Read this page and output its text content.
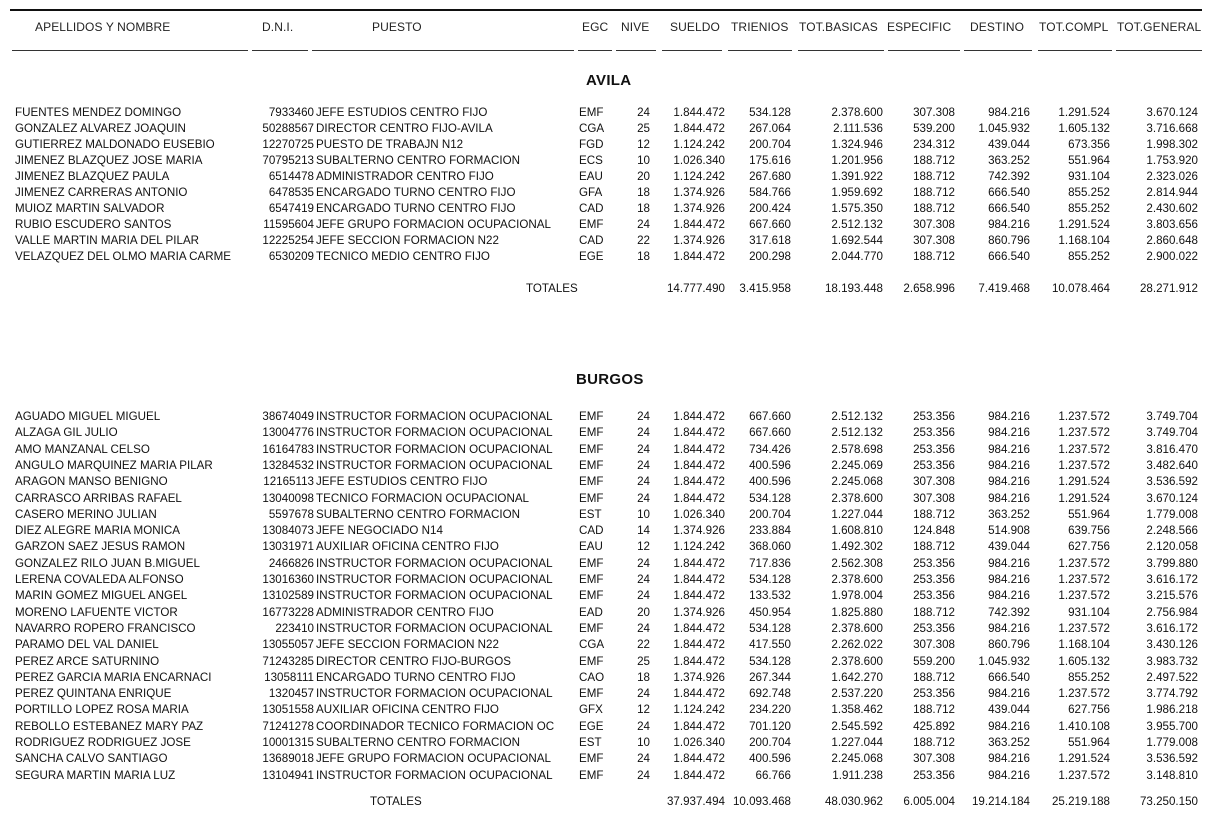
APELLIDOS Y NOMBRE	D.N.I.	PUESTO	EGC NIVE SUELDO TRIENIOS TOT.BASICAS ESPECIFIC DESTINO TOT.COMPL TOT.GENERAL
AVILA
FUENTES MENDEZ DOMINGO	7933460 JEFE ESTUDIOS CENTRO FIJO	EMF	24	1.844.472	534.128	2.378.600	307.308	984.216	1.291.524	3.670.124
GONZALEZ ALVAREZ JOAQUIN	50288567 DIRECTOR CENTRO FIJO-AVILA	CGA	25	1.844.472	267.064	2.111.536	539.200	1.045.932	1.605.132	3.716.668
GUTIERREZ MALDONADO EUSEBIO	12270725 PUESTO DE TRABAJN N12	FGD	12	1.124.242	200.704	1.324.946	234.312	439.044	673.356	1.998.302
JIMENEZ BLAZQUEZ JOSE MARIA	70795213 SUBALTERNO CENTRO FORMACION	ECS	10	1.026.340	175.616	1.201.956	188.712	363.252	551.964	1.753.920
JIMENEZ BLAZQUEZ PAULA	6514478 ADMINISTRADOR CENTRO FIJO	EAU	20	1.124.242	267.680	1.391.922	188.712	742.392	931.104	2.323.026
JIMENEZ CARRERAS ANTONIO	6478535 ENCARGADO TURNO CENTRO FIJO	GFA	18	1.374.926	584.766	1.959.692	188.712	666.540	855.252	2.814.944
MUIOZ MARTIN SALVADOR	6547419 ENCARGADO TURNO CENTRO FIJO	CAD	18	1.374.926	200.424	1.575.350	188.712	666.540	855.252	2.430.602
RUBIO ESCUDERO SANTOS	11595604 JEFE GRUPO FORMACION OCUPACIONAL	EMF	24	1.844.472	667.660	2.512.132	307.308	984.216	1.291.524	3.803.656
VALLE MARTIN MARIA DEL PILAR	12225254 JEFE SECCION FORMACION N22	CAD	22	1.374.926	317.618	1.692.544	307.308	860.796	1.168.104	2.860.648
VELAZQUEZ DEL OLMO MARIA CARME	6530209 TECNICO MEDIO CENTRO FIJO	EGE	18	1.844.472	200.298	2.044.770	188.712	666.540	855.252	2.900.022
TOTALES	14.777.490	3.415.958	18.193.448	2.658.996	7.419.468	10.078.464	28.271.912
BURGOS
AGUADO MIGUEL MIGUEL	38674049 INSTRUCTOR FORMACION OCUPACIONAL	EMF	24	1.844.472	667.660	2.512.132	253.356	984.216	1.237.572	3.749.704
ALZAGA GIL JULIO	13004776 INSTRUCTOR FORMACION OCUPACIONAL	EMF	24	1.844.472	667.660	2.512.132	253.356	984.216	1.237.572	3.749.704
AMO MANZANAL CELSO	16164783 INSTRUCTOR FORMACION OCUPACIONAL	EMF	24	1.844.472	734.426	2.578.698	253.356	984.216	1.237.572	3.816.470
ANGULO MARQUINEZ MARIA PILAR	13284532 INSTRUCTOR FORMACION OCUPACIONAL	EMF	24	1.844.472	400.596	2.245.069	253.356	984.216	1.237.572	3.482.640
ARAGON MANSO BENIGNO	12165113 JEFE ESTUDIOS CENTRO FIJO	EMF	24	1.844.472	400.596	2.245.068	307.308	984.216	1.291.524	3.536.592
CARRASCO ARRIBAS RAFAEL	13040098 TECNICO FORMACION OCUPACIONAL	EMF	24	1.844.472	534.128	2.378.600	307.308	984.216	1.291.524	3.670.124
CASERO MERINO JULIAN	5597678 SUBALTERNO CENTRO FORMACION	EST	10	1.026.340	200.704	1.227.044	188.712	363.252	551.964	1.779.008
DIEZ ALEGRE MARIA MONICA	13084073 JEFE NEGOCIADO N14	CAD	14	1.374.926	233.884	1.608.810	124.848	514.908	639.756	2.248.566
GARZON SAEZ JESUS RAMON	13031971 AUXILIAR OFICINA CENTRO FIJO	EAU	12	1.124.242	368.060	1.492.302	188.712	439.044	627.756	2.120.058
GONZALEZ RILO JUAN B.MIGUEL	2466826 INSTRUCTOR FORMACION OCUPACIONAL	EMF	24	1.844.472	717.836	2.562.308	253.356	984.216	1.237.572	3.799.880
LERENA COVALEDA ALFONSO	13016360 INSTRUCTOR FORMACION OCUPACIONAL	EMF	24	1.844.472	534.128	2.378.600	253.356	984.216	1.237.572	3.616.172
MARIN GOMEZ MIGUEL ANGEL	13102589 INSTRUCTOR FORMACION OCUPACIONAL	EMF	24	1.844.472	133.532	1.978.004	253.356	984.216	1.237.572	3.215.576
MORENO LAFUENTE VICTOR	16773228 ADMINISTRADOR CENTRO FIJO	EAD	20	1.374.926	450.954	1.825.880	188.712	742.392	931.104	2.756.984
NAVARRO ROPERO FRANCISCO	223410 INSTRUCTOR FORMACION OCUPACIONAL	EMF	24	1.844.472	534.128	2.378.600	253.356	984.216	1.237.572	3.616.172
PARAMO DEL VAL DANIEL	13055057 JEFE SECCION FORMACION N22	CGA	22	1.844.472	417.550	2.262.022	307.308	860.796	1.168.104	3.430.126
PEREZ ARCE SATURNINO	71243285 DIRECTOR CENTRO FIJO-BURGOS	EMF	25	1.844.472	534.128	2.378.600	559.200	1.045.932	1.605.132	3.983.732
PEREZ GARCIA MARIA ENCARNACI	13058111 ENCARGADO TURNO CENTRO FIJO	CAO	18	1.374.926	267.344	1.642.270	188.712	666.540	855.252	2.497.522
PEREZ QUINTANA ENRIQUE	1320457 INSTRUCTOR FORMACION OCUPACIONAL	EMF	24	1.844.472	692.748	2.537.220	253.356	984.216	1.237.572	3.774.792
PORTILLO LOPEZ ROSA MARIA	13051558 AUXILIAR OFICINA CENTRO FIJO	GFX	12	1.124.242	234.220	1.358.462	188.712	439.044	627.756	1.986.218
REBOLLO ESTEBANEZ MARY PAZ	71241278 COORDINADOR TECNICO FORMACION OC	EGE	24	1.844.472	701.120	2.545.592	425.892	984.216	1.410.108	3.955.700
RODRIGUEZ RODRIGUEZ JOSE	10001315 SUBALTERNO CENTRO FORMACION	EST	10	1.026.340	200.704	1.227.044	188.712	363.252	551.964	1.779.008
SANCHA CALVO SANTIAGO	13689018 JEFE GRUPO FORMACION OCUPACIONAL	EMF	24	1.844.472	400.596	2.245.068	307.308	984.216	1.291.524	3.536.592
SEGURA MARTIN MARIA LUZ	13104941 INSTRUCTOR FORMACION OCUPACIONAL	EMF	24	1.844.472	66.766	1.911.238	253.356	984.216	1.237.572	3.148.810
TOTALES	37.937.494 10.093.468	48.030.962	6.005.004	19.214.184	25.219.188	73.250.150
